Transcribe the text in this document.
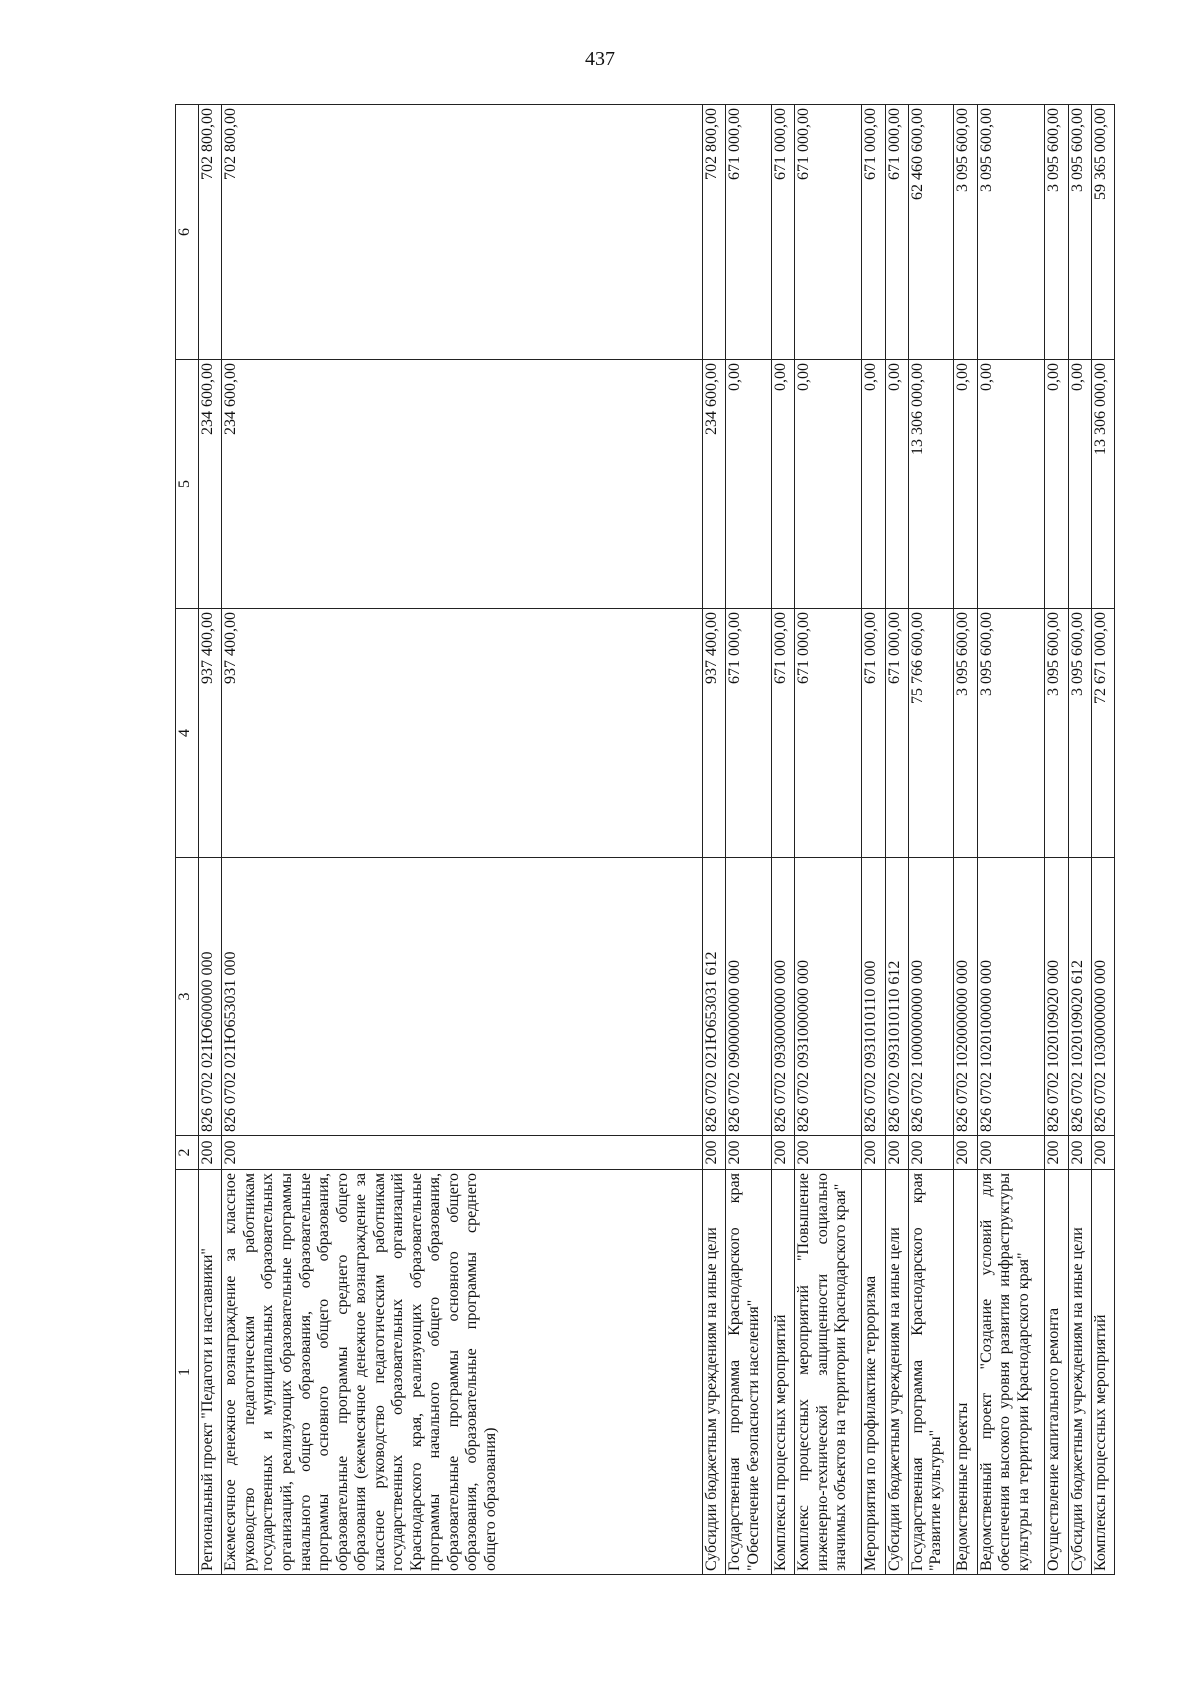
437
1	2	3	4	5	6
Региональный проект "Педагоги и наставники"	200	826 0702 021Ю600000 000	937 400,00	234 600,00	702 800,00
Ежемесячное денежное вознаграждение за классное руководство педагогическим работникам государственных и муниципальных образовательных организаций, реализующих образовательные программы начального общего образования, образовательные программы основного общего образования, образовательные программы среднего общего образования (ежемесячное денежное вознаграждение за классное руководство педагогическим работникам государственных образовательных организаций Краснодарского края, реализующих образовательные программы начального общего образования, образовательные программы основного общего образования, образовательные программы среднего общего образования)	200	826 0702 021Ю653031 000	937 400,00	234 600,00	702 800,00
Субсидии бюджетным учреждениям на иные цели	200	826 0702 021Ю653031 612	937 400,00	234 600,00	702 800,00
Государственная программа Краснодарского края "Обеспечение безопасности населения"	200	826 0702 0900000000 000	671 000,00	0,00	671 000,00
Комплексы процессных мероприятий	200	826 0702 0930000000 000	671 000,00	0,00	671 000,00
Комплекс процессных мероприятий "Повышение инженерно-технической защищенности социально значимых объектов на территории Краснодарского края"	200	826 0702 0931000000 000	671 000,00	0,00	671 000,00
Мероприятия по профилактике терроризма	200	826 0702 0931010110 000	671 000,00	0,00	671 000,00
Субсидии бюджетным учреждениям на иные цели	200	826 0702 0931010110 612	671 000,00	0,00	671 000,00
Государственная программа Краснодарского края "Развитие культуры"	200	826 0702 1000000000 000	75 766 600,00	13 306 000,00	62 460 600,00
Ведомственные проекты	200	826 0702 1020000000 000	3 095 600,00	0,00	3 095 600,00
Ведомственный проект "Создание условий для обеспечения высокого уровня развития инфраструктуры культуры на территории Краснодарского края"	200	826 0702 1020100000 000	3 095 600,00	0,00	3 095 600,00
Осуществление капитального ремонта	200	826 0702 1020109020 000	3 095 600,00	0,00	3 095 600,00
Субсидии бюджетным учреждениям на иные цели	200	826 0702 1020109020 612	3 095 600,00	0,00	3 095 600,00
Комплексы процессных мероприятий	200	826 0702 1030000000 000	72 671 000,00	13 306 000,00	59 365 000,00
